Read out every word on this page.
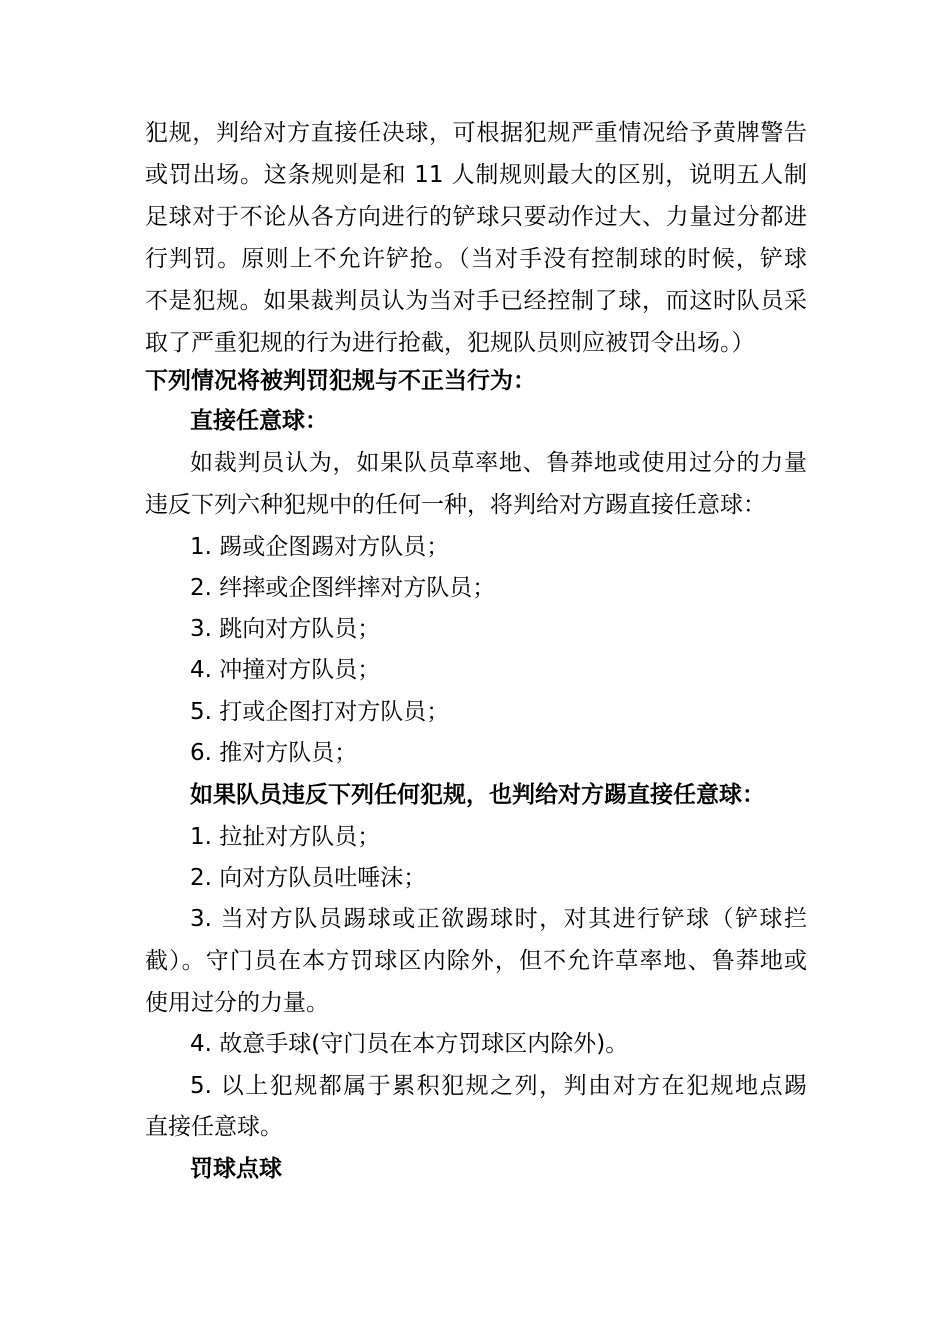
犯规，判给对方直接任决球，可根据犯规严重情况给予黄牌警告
或罚出场。这条规则是和 11 人制规则最大的区别，说明五人制
足球对于不论从各方向进行的铲球只要动作过大、力量过分都进
行判罚。原则上不允许铲抢。（当对手没有控制球的时候，铲球
不是犯规。如果裁判员认为当对手已经控制了球，而这时队员采
取了严重犯规的行为进行抢截，犯规队员则应被罚令出场。）
下列情况将被判罚犯规与不正当行为：
直接任意球：
如裁判员认为，如果队员草率地、鲁莽地或使用过分的力量
违反下列六种犯规中的任何一种，将判给对方踢直接任意球：
1. 踢或企图踢对方队员；
2. 绊摔或企图绊摔对方队员；
3. 跳向对方队员；
4. 冲撞对方队员；
5. 打或企图打对方队员；
6. 推对方队员；
如果队员违反下列任何犯规，也判给对方踢直接任意球：
1. 拉扯对方队员；
2. 向对方队员吐唾沫；
3. 当对方队员踢球或正欲踢球时，对其进行铲球（铲球拦
截）。守门员在本方罚球区内除外，但不允许草率地、鲁莽地或
使用过分的力量。
4. 故意手球(守门员在本方罚球区内除外)。
5. 以上犯规都属于累积犯规之列，判由对方在犯规地点踢
直接任意球。
罚球点球
